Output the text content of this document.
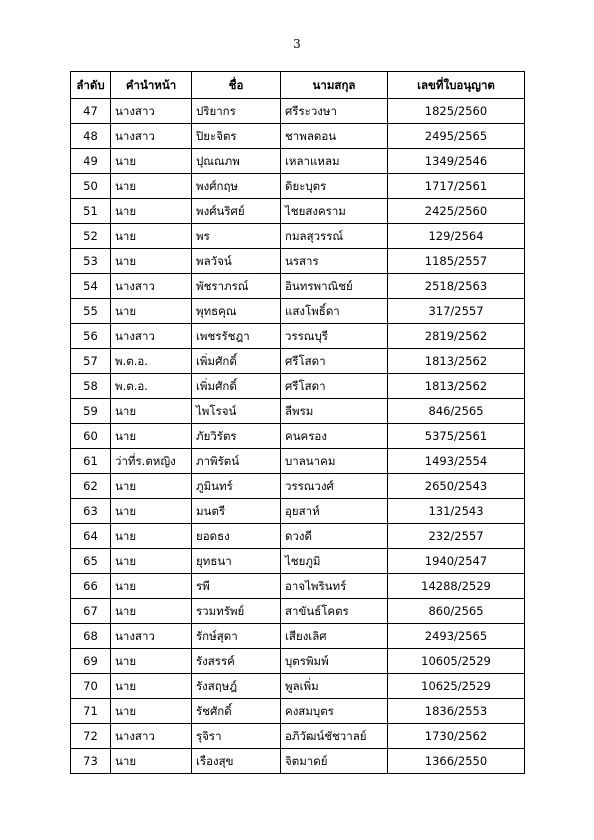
3
ลำดับ	คำนำหน้า	ชื่อ	นามสกุล	เลขที่ใบอนุญาต
47	นางสาว	ปริยากร	ศรีระวงษา	1825/2560
48	นางสาว	ปิยะจิตร	ชาพลดอน	2495/2565
49	นาย	ปุณณภพ	เหลาแหลม	1349/2546
50	นาย	พงศ์กฤษ	ดิยะบุตร	1717/2561
51	นาย	พงศ์นริศย์	ไชยสงคราม	2425/2560
52	นาย	พร	กมลสุวรรณ์	129/2564
53	นาย	พลวัจน์	นรสาร	1185/2557
54	นางสาว	พัชราภรณ์	อินทรพาณิชย์	2518/2563
55	นาย	พุทธคุณ	แสงโพธิ์ดา	317/2557
56	นางสาว	เพชรรัชฎา	วรรณบุรี	2819/2562
57	พ.ต.อ.	เพิ่มศักดิ์	ศรีโสดา	1813/2562
58	พ.ต.อ.	เพิ่มศักดิ์	ศรีโสดา	1813/2562
59	นาย	ไพโรจน์	ลีพรม	846/2565
60	นาย	ภัยวิรัตร	คนครอง	5375/2561
61	ว่าที่ร.ตหญิง	ภาพิรัตน์	บาลนาคม	1493/2554
62	นาย	ภูมินทร์	วรรณวงศ์	2650/2543
63	นาย	มนตรี	อุยสาห์	131/2543
64	นาย	ยอดธง	ดวงดี	232/2557
65	นาย	ยุทธนา	ไชยภูมิ	1940/2547
66	นาย	รพี	อาจไพรินทร์	14288/2529
67	นาย	รวมทรัพย์	สาขันธ์โคตร	860/2565
68	นางสาว	รักษ์สุดา	เสียงเลิศ	2493/2565
69	นาย	รังสรรค์	บุตรพิมพ์	10605/2529
70	นาย	รังสฤษฎ์	พูลเพิ่ม	10625/2529
71	นาย	รัชศักดิ์	คงสมบุตร	1836/2553
72	นางสาว	รุจิรา	อภิวัฒน์ชัชวาลย์	1730/2562
73	นาย	เรืองสุข	จิตมาดย์	1366/2550
